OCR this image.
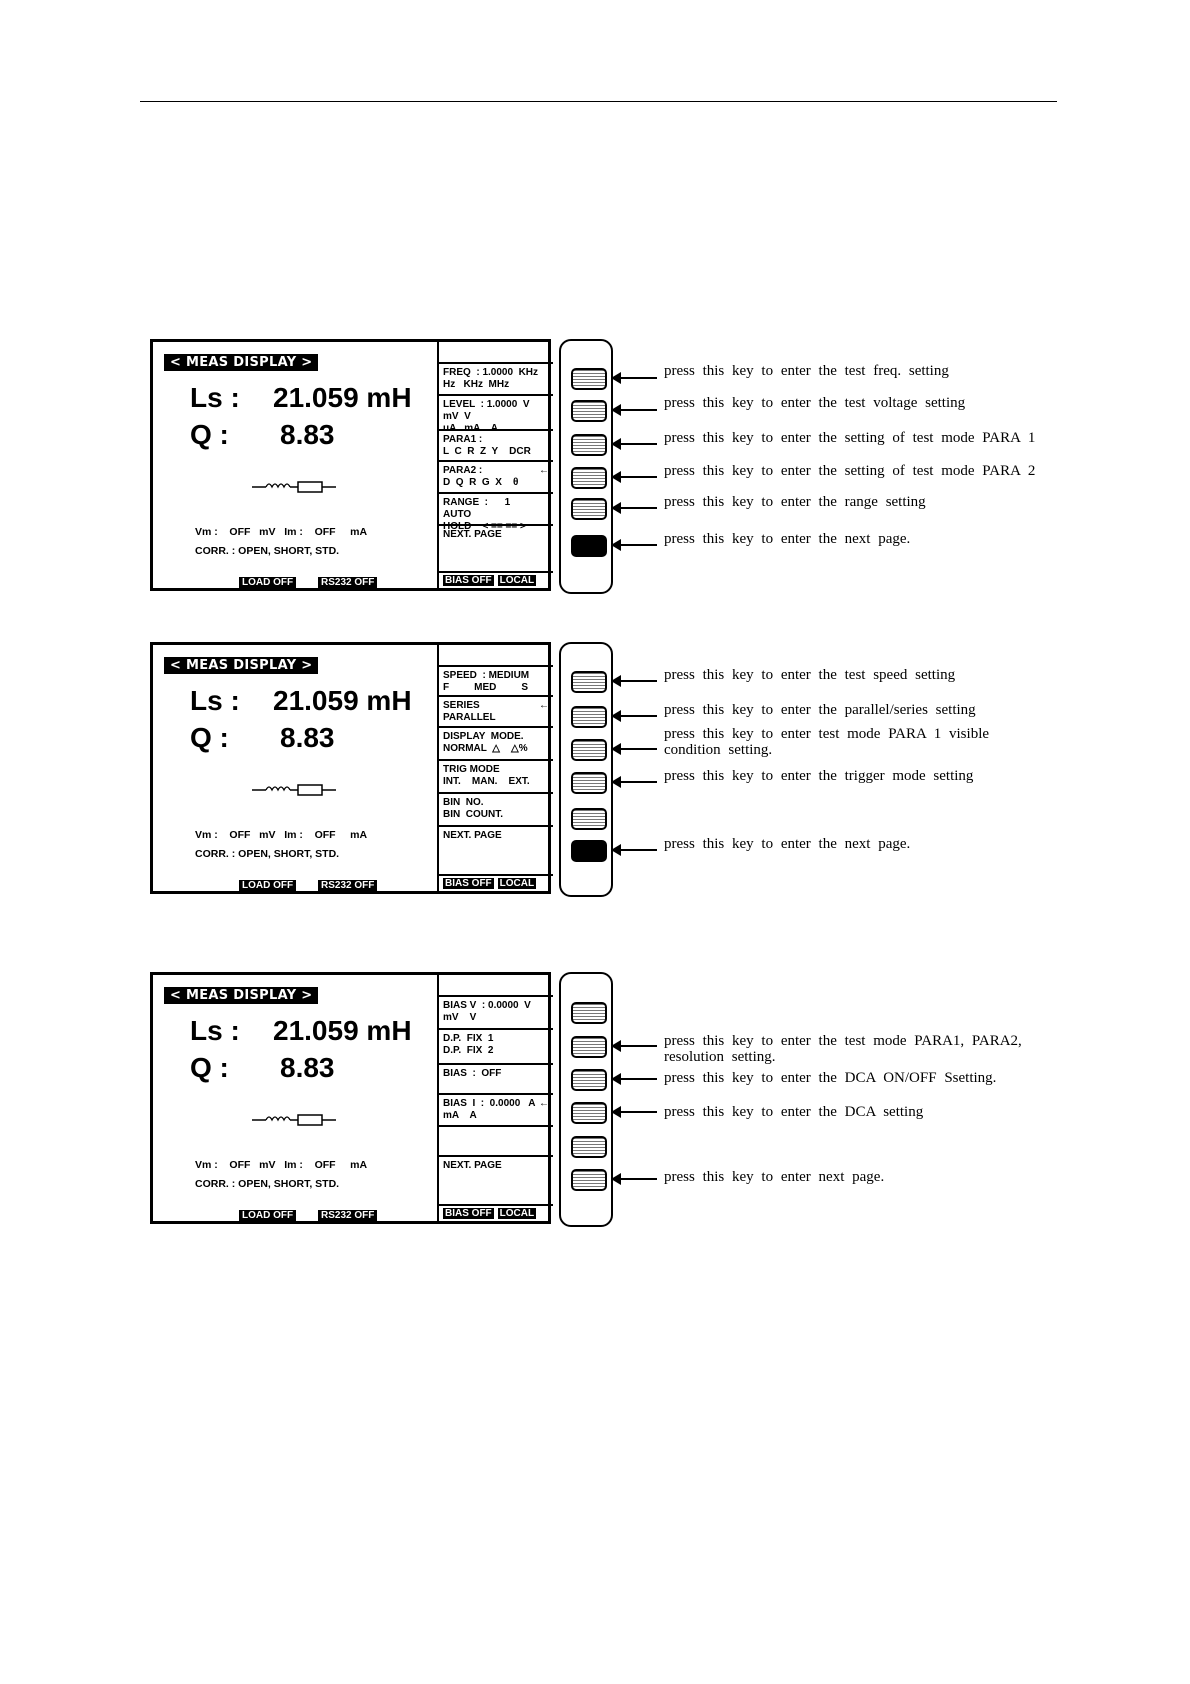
< MEAS DISPLAY >
Ls : 21.059 mH
Q : 8.83
Vm :    OFF   mV   Im :    OFF     mA
CORR. : OPEN, SHORT, STD.
LOAD OFF	RS232 OFF
FREQ  : 1.0000  KHz
Hz   KHz  MHz
LEVEL  : 1.0000  V
mV  V
uA   mA    A
PARA1 :
L  C  R  Z  Y    DCR
PARA2 :
D  Q  R  G  X    θ
←
RANGE  :      1
AUTO
HOLD    < == == >
NEXT. PAGE
BIAS OFF LOCAL
press this key to enter the test freq. setting
press this key to enter the test voltage setting
press this key to enter the setting of test mode PARA 1
press this key to enter the setting of test mode PARA 2
press this key to enter the range setting
press this key to enter the next page.
< MEAS DISPLAY >
Ls : 21.059 mH
Q : 8.83
Vm :    OFF   mV   Im :    OFF     mA
CORR. : OPEN, SHORT, STD.
LOAD OFF	RS232 OFF
SPEED  : MEDIUM
F         MED         S
SERIES
PARALLEL
←
DISPLAY  MODE.
NORMAL  △    △%
TRIG MODE
INT.    MAN.    EXT.
BIN  NO.
BIN  COUNT.
NEXT. PAGE
BIAS OFF LOCAL
press this key to enter the test speed setting
press this key to enter the parallel/series setting
press this key to enter test mode PARA 1 visible
condition setting.
press this key to enter the trigger mode setting
press this key to enter the next page.
< MEAS DISPLAY >
Ls : 21.059 mH
Q : 8.83
Vm :    OFF   mV   Im :    OFF     mA
CORR. : OPEN, SHORT, STD.
LOAD OFF	RS232 OFF
BIAS V  : 0.0000  V
mV    V
D.P.  FIX  1
D.P.  FIX  2
BIAS  :  OFF
BIAS  I  :  0.0000   A
mA    A
←
NEXT. PAGE
BIAS OFF LOCAL
press this key to enter the test mode PARA1, PARA2,
resolution setting.
press this key to enter the DCA ON/OFF Ssetting.
press this key to enter the DCA setting
press this key to enter next page.
